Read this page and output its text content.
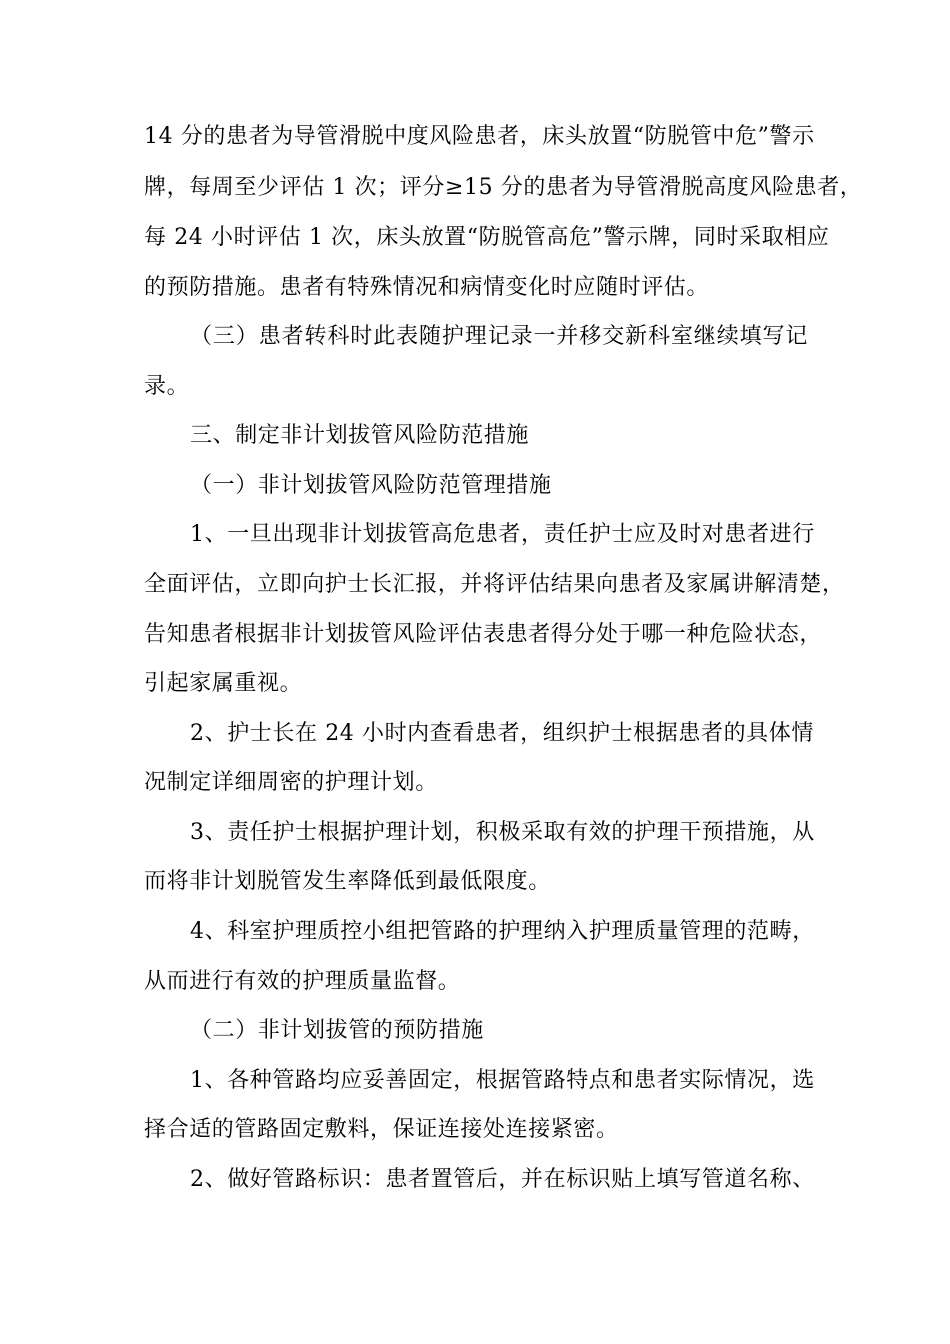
14 分的患者为导管滑脱中度风险患者，床头放置“防脱管中危”警示
牌，每周至少评估 1 次；评分≥15 分的患者为导管滑脱高度风险患者，
每 24 小时评估 1 次，床头放置“防脱管高危”警示牌，同时采取相应
的预防措施。患者有特殊情况和病情变化时应随时评估。
（三）患者转科时此表随护理记录一并移交新科室继续填写记
录。
三、制定非计划拔管风险防范措施
（一）非计划拔管风险防范管理措施
1、一旦出现非计划拔管高危患者，责任护士应及时对患者进行
全面评估，立即向护士长汇报，并将评估结果向患者及家属讲解清楚，
告知患者根据非计划拔管风险评估表患者得分处于哪一种危险状态，
引起家属重视。
2、护士长在 24 小时内查看患者，组织护士根据患者的具体情
况制定详细周密的护理计划。
3、责任护士根据护理计划，积极采取有效的护理干预措施，从
而将非计划脱管发生率降低到最低限度。
4、科室护理质控小组把管路的护理纳入护理质量管理的范畴，
从而进行有效的护理质量监督。
（二）非计划拔管的预防措施
1、各种管路均应妥善固定，根据管路特点和患者实际情况，选
择合适的管路固定敷料，保证连接处连接紧密。
2、做好管路标识：患者置管后，并在标识贴上填写管道名称、
